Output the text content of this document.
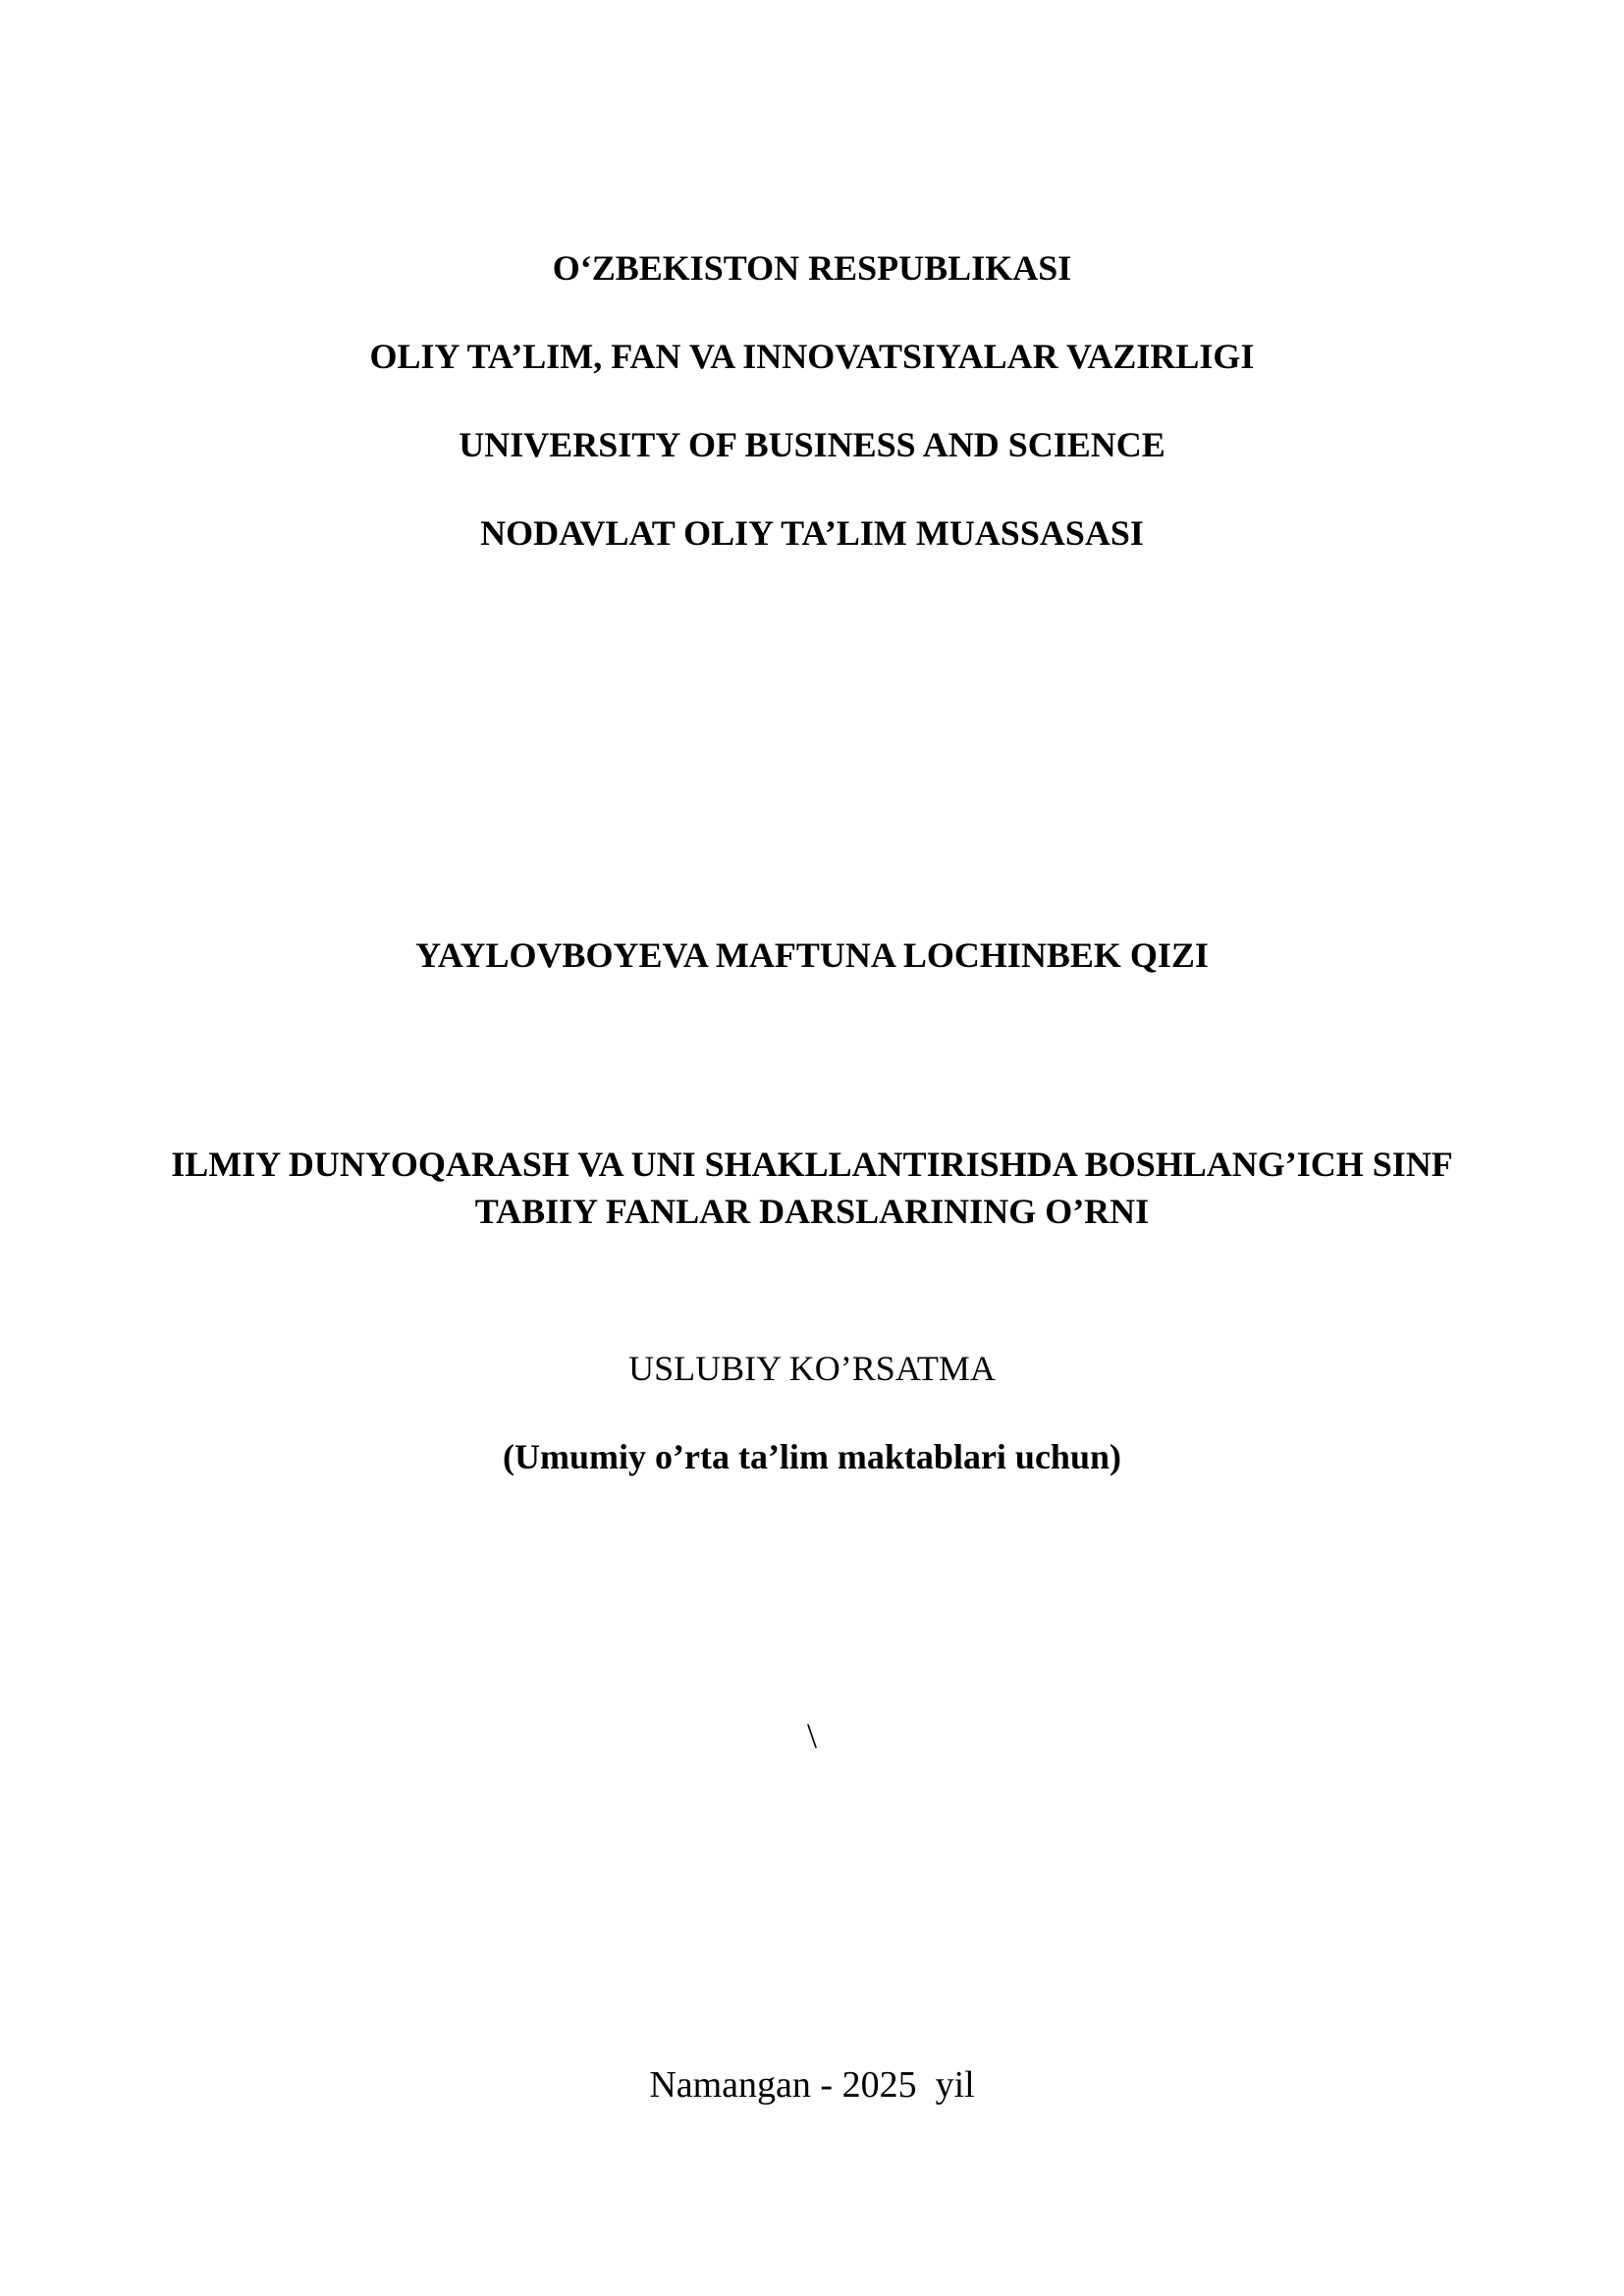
O‘ZBEKISTON RESPUBLIKASI
OLIY TA’LIM, FAN VA INNOVATSIYALAR VAZIRLIGI
UNIVERSITY OF BUSINESS AND SCIENCE
NODAVLAT OLIY TA’LIM MUASSASASI
YAYLOVBOYEVA MAFTUNA LOCHINBEK QIZI
ILMIY DUNYOQARASH VA UNI SHAKLLANTIRISHDA BOSHLANG’ICH SINF
TABIIY FANLAR DARSLARINING O’RNI
USLUBIY KO’RSATMA
(Umumiy o’rta ta’lim maktablari uchun)
\
Namangan - 2025  yil
